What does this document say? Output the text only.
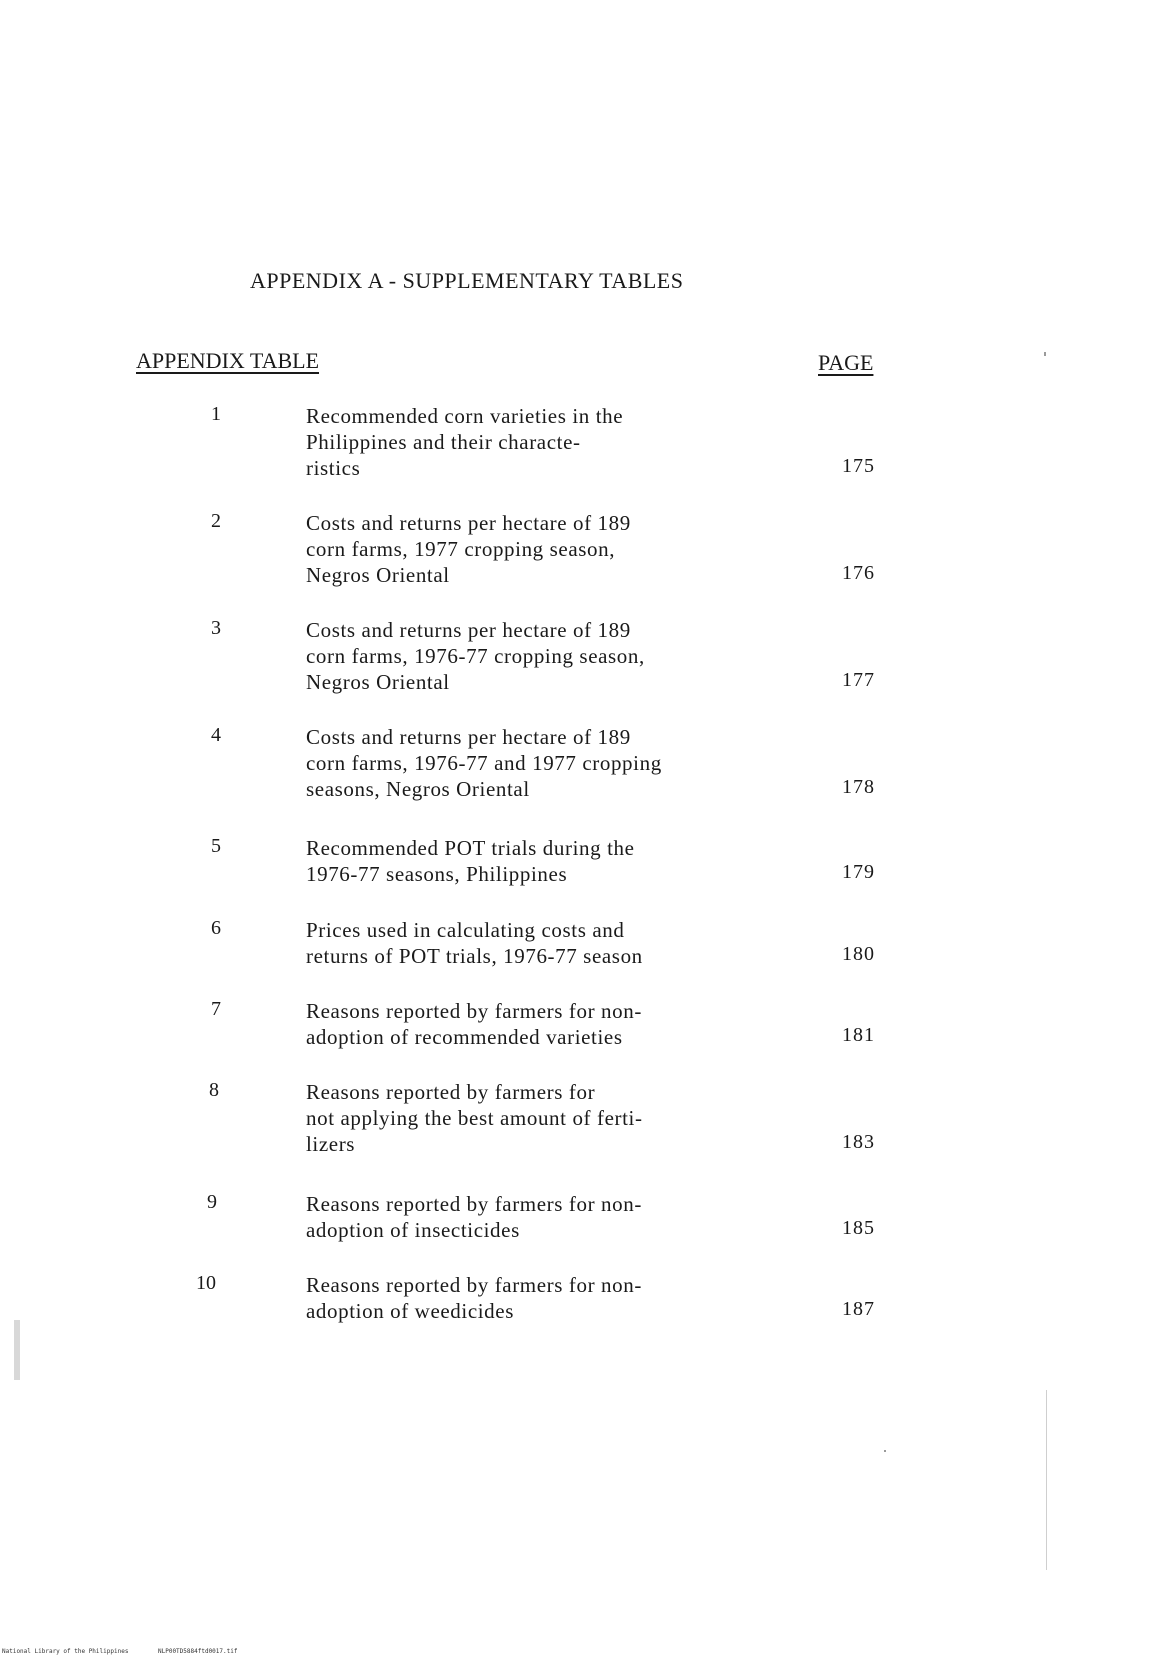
APPENDIX A - SUPPLEMENTARY TABLES
APPENDIX TABLE	PAGE
1	Recommended corn varieties in the
Philippines and their characte-
ristics	175
2	Costs and returns per hectare of 189
corn farms, 1977 cropping season,
Negros Oriental	176
3	Costs and returns per hectare of 189
corn farms, 1976-77 cropping season,
Negros Oriental	177
4	Costs and returns per hectare of 189
corn farms, 1976-77 and 1977 cropping
seasons, Negros Oriental	178
5	Recommended POT trials during the
1976-77 seasons, Philippines	179
6	Prices used in calculating costs and
returns of POT trials, 1976-77 season	180
7	Reasons reported by farmers for non-
adoption of recommended varieties	181
8	Reasons reported by farmers for
not applying the best amount of ferti-
lizers	183
9	Reasons reported by farmers for non-
adoption of insecticides	185
10	Reasons reported by farmers for non-
adoption of weedicides	187
National Library of the Philippines	NLP00TD5884ftd0017.tif
